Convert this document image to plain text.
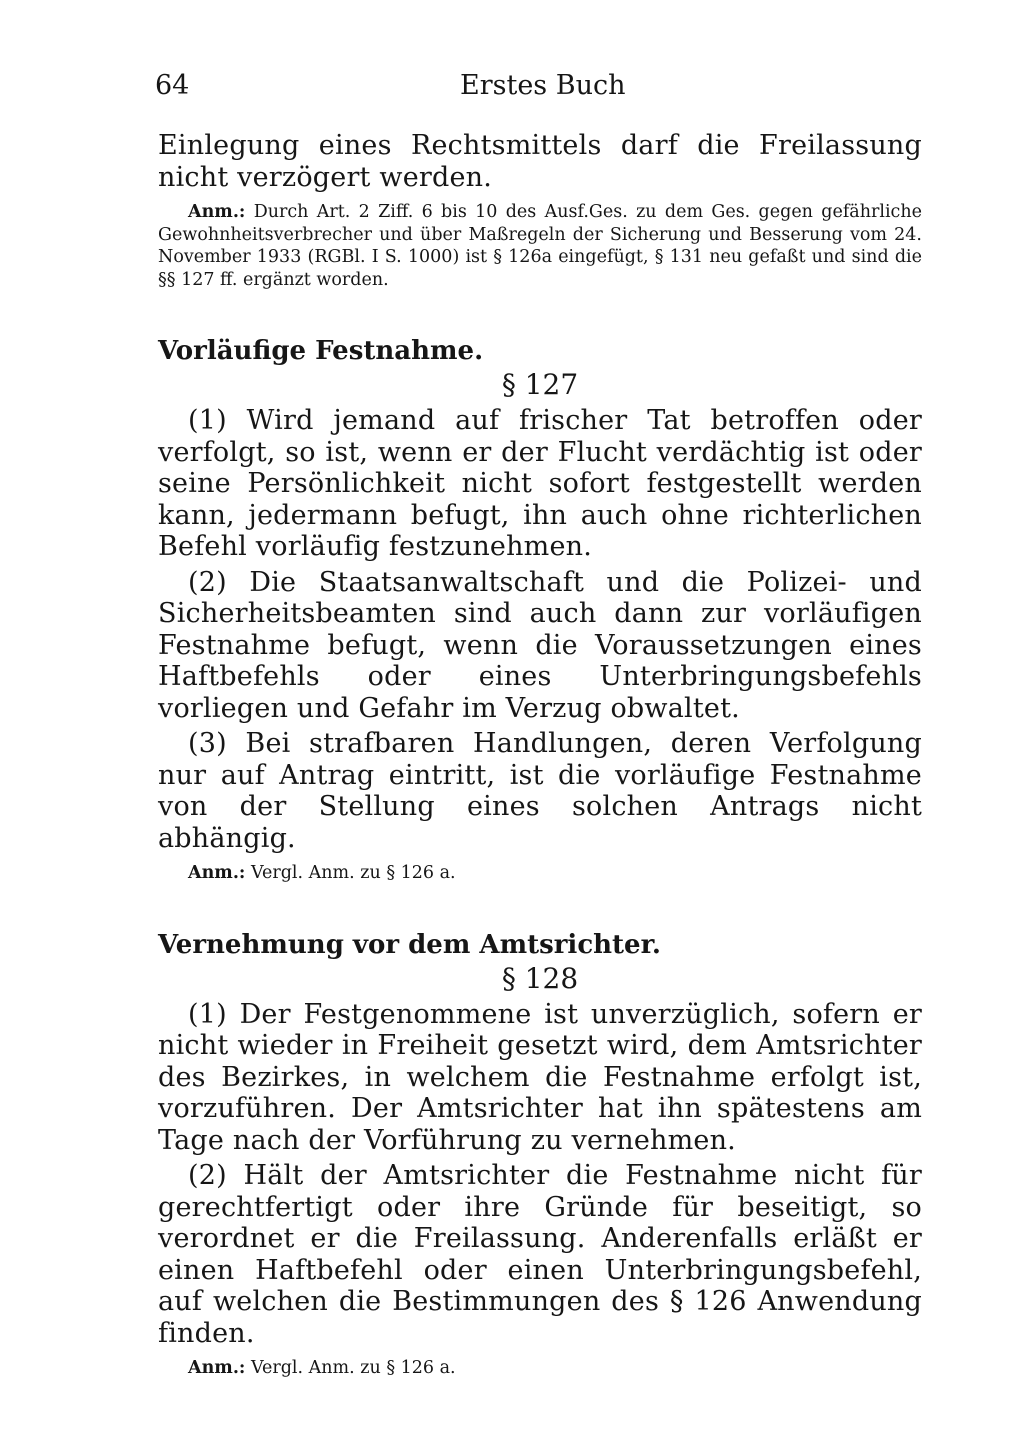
64	Erstes Buch

Einlegung eines Rechtsmittels darf die Freilassung nicht verzögert werden.

Anm.: Durch Art. 2 Ziff. 6 bis 10 des Ausf.Ges. zu dem Ges. gegen gefährliche Gewohnheitsverbrecher und über Maßregeln der Sicherung und Besserung vom 24. November 1933 (RGBl. I S. 1000) ist § 126a eingefügt, § 131 neu gefaßt und sind die §§ 127 ff. ergänzt worden.

Vorläufige Festnahme.
§ 127

(1) Wird jemand auf frischer Tat betroffen oder verfolgt, so ist, wenn er der Flucht verdächtig ist oder seine Persönlichkeit nicht sofort festgestellt werden kann, jedermann befugt, ihn auch ohne richterlichen Befehl vorläufig festzunehmen.

(2) Die Staatsanwaltschaft und die Polizei- und Sicherheitsbeamten sind auch dann zur vorläufigen Festnahme befugt, wenn die Voraussetzungen eines Haftbefehls oder eines Unterbringungsbefehls vorliegen und Gefahr im Verzug obwaltet.

(3) Bei strafbaren Handlungen, deren Verfolgung nur auf Antrag eintritt, ist die vorläufige Festnahme von der Stellung eines solchen Antrags nicht abhängig.

Anm.: Vergl. Anm. zu § 126 a.

Vernehmung vor dem Amtsrichter.
§ 128

(1) Der Festgenommene ist unverzüglich, sofern er nicht wieder in Freiheit gesetzt wird, dem Amtsrichter des Bezirkes, in welchem die Festnahme erfolgt ist, vorzuführen. Der Amtsrichter hat ihn spätestens am Tage nach der Vorführung zu vernehmen.

(2) Hält der Amtsrichter die Festnahme nicht für gerechtfertigt oder ihre Gründe für beseitigt, so verordnet er die Freilassung. Anderenfalls erläßt er einen Haftbefehl oder einen Unterbringungsbefehl, auf welchen die Bestimmungen des § 126 Anwendung finden.

Anm.: Vergl. Anm. zu § 126 a.
